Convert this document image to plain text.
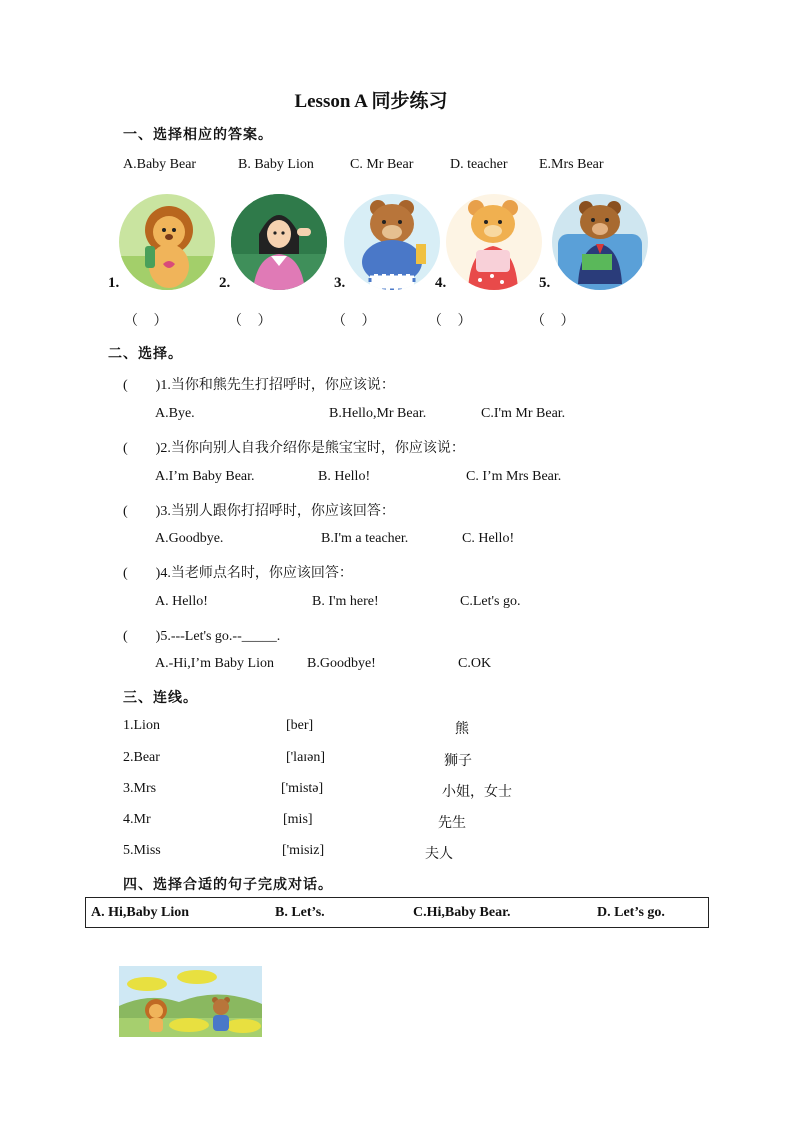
Lesson A 同步练习
一、选择相应的答案。
A.Baby Bear	B. Baby Lion	C. Mr Bear	D. teacher E.Mrs Bear
1.	2.	3.	4.	5.
（ ）	（ ）	（ ）	（ ）	（ ）
二、选择。
(　　)1.当你和熊先生打招呼时，你应该说：
A.Bye.	B.Hello,Mr Bear.	C.I'm Mr Bear.
(　　)2.当你向别人自我介绍你是熊宝宝时，你应该说：
A.I’m Baby Bear.	B. Hello!	C. I’m Mrs Bear.
(　　)3.当别人跟你打招呼时，你应该回答：
A.Goodbye.	B.I'm a teacher.	C. Hello!
(　　)4.当老师点名时，你应该回答：
A. Hello!	B. I'm here!	C.Let's go.
(　　)5.---Let's go.--_____.
A.-Hi,I’m Baby Lion B.Goodbye!	C.OK
三、连线。
1.Lion	[ber]	熊
2.Bear	['laɪən]	狮子
3.Mrs	['mistə]	小姐，女士
4.Mr	[mis]	先生
5.Miss	['misiz]	夫人
四、选择合适的句子完成对话。
A. Hi,Baby Lion	B. Let’s.	C.Hi,Baby Bear.	D. Let’s go.
